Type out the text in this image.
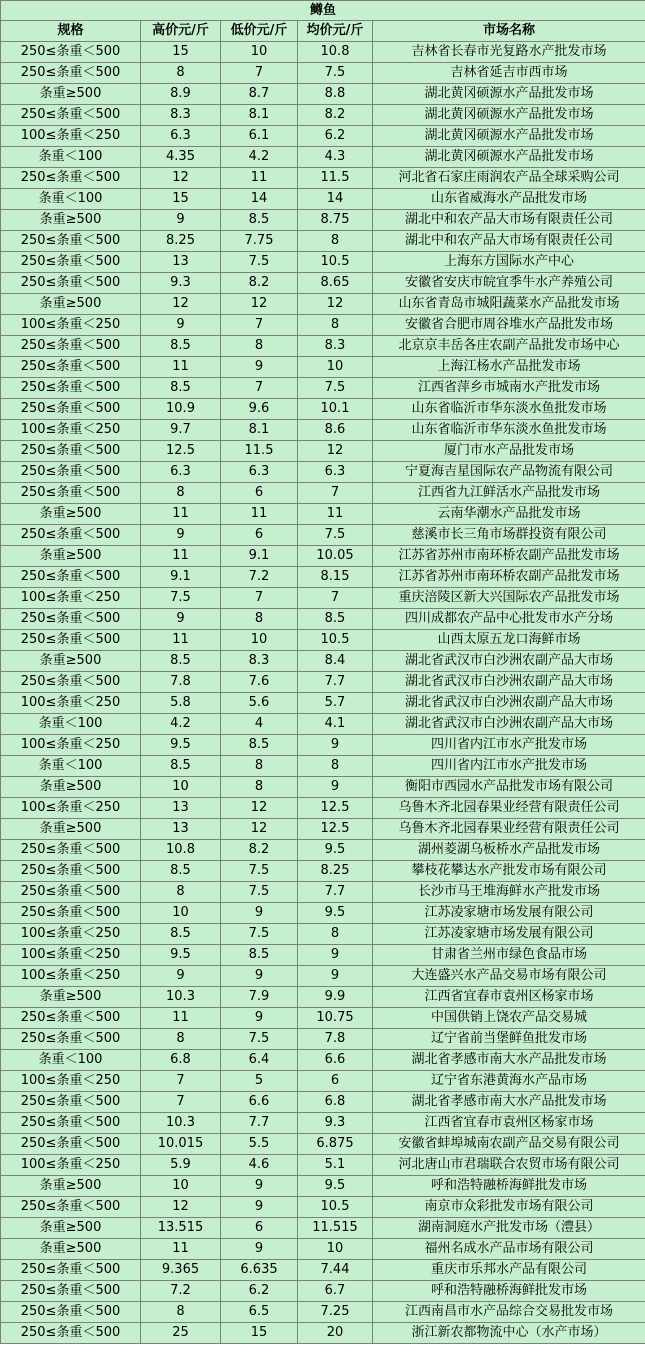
鳟鱼				
规格	高价元/斤	低价元/斤	均价元/斤	市场名称
250≤条重＜500	15	10	10.8	吉林省长春市光复路水产批发市场
250≤条重＜500	8	7	7.5	吉林省延吉市西市场
条重≥500	8.9	8.7	8.8	湖北黄冈硕源水产品批发市场
250≤条重＜500	8.3	8.1	8.2	湖北黄冈硕源水产品批发市场
100≤条重＜250	6.3	6.1	6.2	湖北黄冈硕源水产品批发市场
条重＜100	4.35	4.2	4.3	湖北黄冈硕源水产品批发市场
250≤条重＜500	12	11	11.5	河北省石家庄雨润农产品全球采购公司
条重＜100	15	14	14	山东省威海水产品批发市场
条重≥500	9	8.5	8.75	湖北中和农产品大市场有限责任公司
250≤条重＜500	8.25	7.75	8	湖北中和农产品大市场有限责任公司
250≤条重＜500	13	7.5	10.5	上海东方国际水产中心
250≤条重＜500	9.3	8.2	8.65	安徽省安庆市皖宜季牛水产养殖公司
条重≥500	12	12	12	山东省青岛市城阳蔬菜水产品批发市场
100≤条重＜250	9	7	8	安徽省合肥市周谷堆水产品批发市场
250≤条重＜500	8.5	8	8.3	北京京丰岳各庄农副产品批发市场中心
250≤条重＜500	11	9	10	上海江杨水产品批发市场
250≤条重＜500	8.5	7	7.5	江西省萍乡市城南水产批发市场
250≤条重＜500	10.9	9.6	10.1	山东省临沂市华东淡水鱼批发市场
100≤条重＜250	9.7	8.1	8.6	山东省临沂市华东淡水鱼批发市场
250≤条重＜500	12.5	11.5	12	厦门市水产品批发市场
250≤条重＜500	6.3	6.3	6.3	宁夏海吉星国际农产品物流有限公司
250≤条重＜500	8	6	7	江西省九江鲜活水产品批发市场
条重≥500	11	11	11	云南华潮水产品批发市场
250≤条重＜500	9	6	7.5	慈溪市长三角市场群投资有限公司
条重≥500	11	9.1	10.05	江苏省苏州市南环桥农副产品批发市场
250≤条重＜500	9.1	7.2	8.15	江苏省苏州市南环桥农副产品批发市场
100≤条重＜250	7.5	7	7	重庆涪陵区新大兴国际农产品批发市场
250≤条重＜500	9	8	8.5	四川成都农产品中心批发市水产分场
250≤条重＜500	11	10	10.5	山西太原五龙口海鲜市场
条重≥500	8.5	8.3	8.4	湖北省武汉市白沙洲农副产品大市场
250≤条重＜500	7.8	7.6	7.7	湖北省武汉市白沙洲农副产品大市场
100≤条重＜250	5.8	5.6	5.7	湖北省武汉市白沙洲农副产品大市场
条重＜100	4.2	4	4.1	湖北省武汉市白沙洲农副产品大市场
100≤条重＜250	9.5	8.5	9	四川省内江市水产批发市场
条重＜100	8.5	8	8	四川省内江市水产批发市场
条重≥500	10	8	9	衡阳市西园水产品批发市场有限公司
100≤条重＜250	13	12	12.5	乌鲁木齐北园春果业经营有限责任公司
条重≥500	13	12	12.5	乌鲁木齐北园春果业经营有限责任公司
250≤条重＜500	10.8	8.2	9.5	湖州菱湖乌板桥水产品批发市场
250≤条重＜500	8.5	7.5	8.25	攀枝花攀达水产批发市场有限公司
250≤条重＜500	8	7.5	7.7	长沙市马王堆海鲜水产批发市场
250≤条重＜500	10	9	9.5	江苏凌家塘市场发展有限公司
100≤条重＜250	8.5	7.5	8	江苏凌家塘市场发展有限公司
100≤条重＜250	9.5	8.5	9	甘肃省兰州市绿色食品市场
100≤条重＜250	9	9	9	大连盛兴水产品交易市场有限公司
条重≥500	10.3	7.9	9.9	江西省宜春市袁州区杨家市场
250≤条重＜500	11	9	10.75	中国供销上饶农产品交易城
250≤条重＜500	8	7.5	7.8	辽宁省前当堡鲜鱼批发市场
条重＜100	6.8	6.4	6.6	湖北省孝感市南大水产品批发市场
100≤条重＜250	7	5	6	辽宁省东港黄海水产品市场
250≤条重＜500	7	6.6	6.8	湖北省孝感市南大水产品批发市场
250≤条重＜500	10.3	7.7	9.3	江西省宜春市袁州区杨家市场
250≤条重＜500	10.015	5.5	6.875	安徽省蚌埠城南农副产品交易有限公司
100≤条重＜250	5.9	4.6	5.1	河北唐山市君瑞联合农贸市场有限公司
条重≥500	10	9	9.5	呼和浩特融桥海鲜批发市场
250≤条重＜500	12	9	10.5	南京市众彩批发市场有限公司
条重≥500	13.515	6	11.515	湖南洞庭水产批发市场（澧县）
条重≥500	11	9	10	福州名成水产品市场有限公司
250≤条重＜500	9.365	6.635	7.44	重庆市乐邦水产品有限公司
250≤条重＜500	7.2	6.2	6.7	呼和浩特融桥海鲜批发市场
250≤条重＜500	8	6.5	7.25	江西南昌市水产品综合交易批发市场
250≤条重＜500	25	15	20	浙江新农都物流中心（水产市场）
